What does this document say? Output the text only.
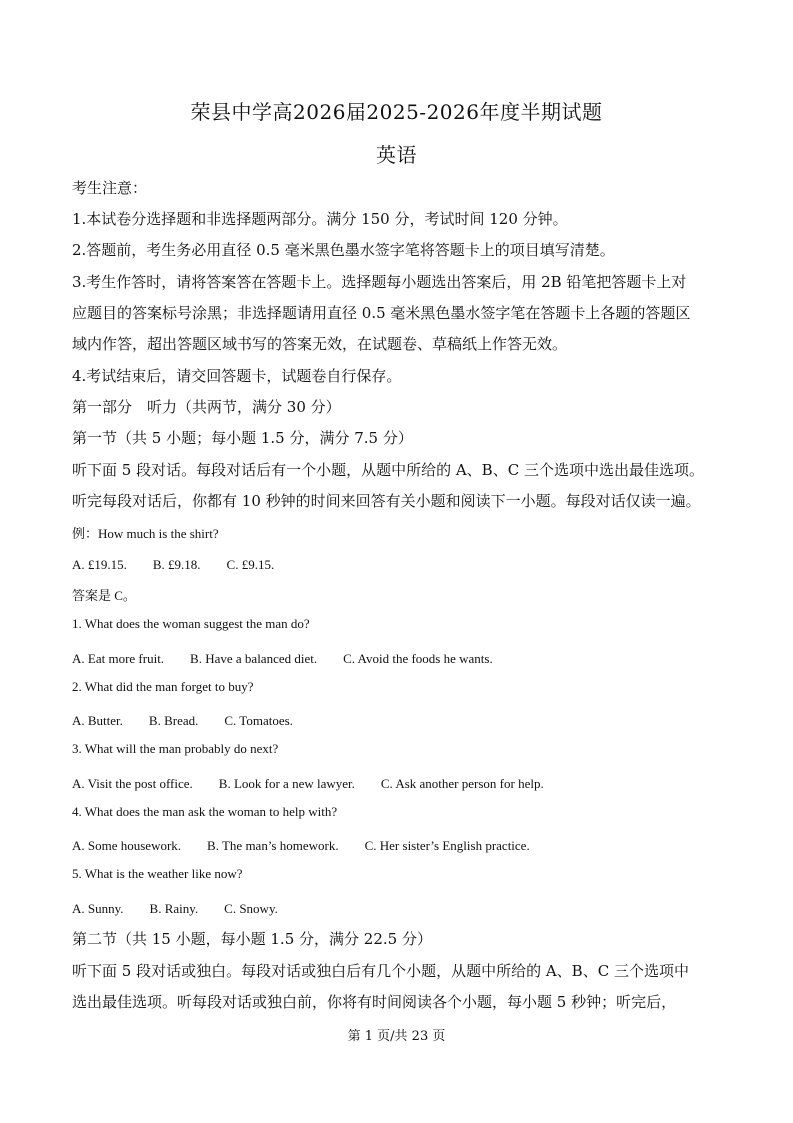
荣县中学高2026届2025-2026年度半期试题
英语
考生注意：
1.本试卷分选择题和非选择题两部分。满分 150 分，考试时间 120 分钟。
2.答题前，考生务必用直径 0.5 毫米黑色墨水签字笔将答题卡上的项目填写清楚。
3.考生作答时，请将答案答在答题卡上。选择题每小题选出答案后，用 2B 铅笔把答题卡上对
应题目的答案标号涂黑；非选择题请用直径 0.5 毫米黑色墨水签字笔在答题卡上各题的答题区
域内作答，超出答题区域书写的答案无效，在试题卷、草稿纸上作答无效。
4.考试结束后，请交回答题卡，试题卷自行保存。
第一部分　听力（共两节，满分 30 分）
第一节（共 5 小题；每小题 1.5 分，满分 7.5 分）
听下面 5 段对话。每段对话后有一个小题，从题中所给的 A、B、C 三个选项中选出最佳选项。
听完每段对话后，你都有 10 秒钟的时间来回答有关小题和阅读下一小题。每段对话仅读一遍。
例：How much is the shirt?
A. £19.15.　　B. £9.18.　　C. £9.15.
答案是 C。
1. What does the woman suggest the man do?
A. Eat more fruit.　　B. Have a balanced diet.　　C. Avoid the foods he wants.
2. What did the man forget to buy?
A. Butter.　　B. Bread.　　C. Tomatoes.
3. What will the man probably do next?
A. Visit the post office.　　B. Look for a new lawyer.　　C. Ask another person for help.
4. What does the man ask the woman to help with?
A. Some housework.　　B. The man’s homework.　　C. Her sister’s English practice.
5. What is the weather like now?
A. Sunny.　　B. Rainy.　　C. Snowy.
第二节（共 15 小题，每小题 1.5 分，满分 22.5 分）
听下面 5 段对话或独白。每段对话或独白后有几个小题，从题中所给的 A、B、C 三个选项中
选出最佳选项。听每段对话或独白前，你将有时间阅读各个小题，每小题 5 秒钟；听完后，
第 1 页/共 23 页
